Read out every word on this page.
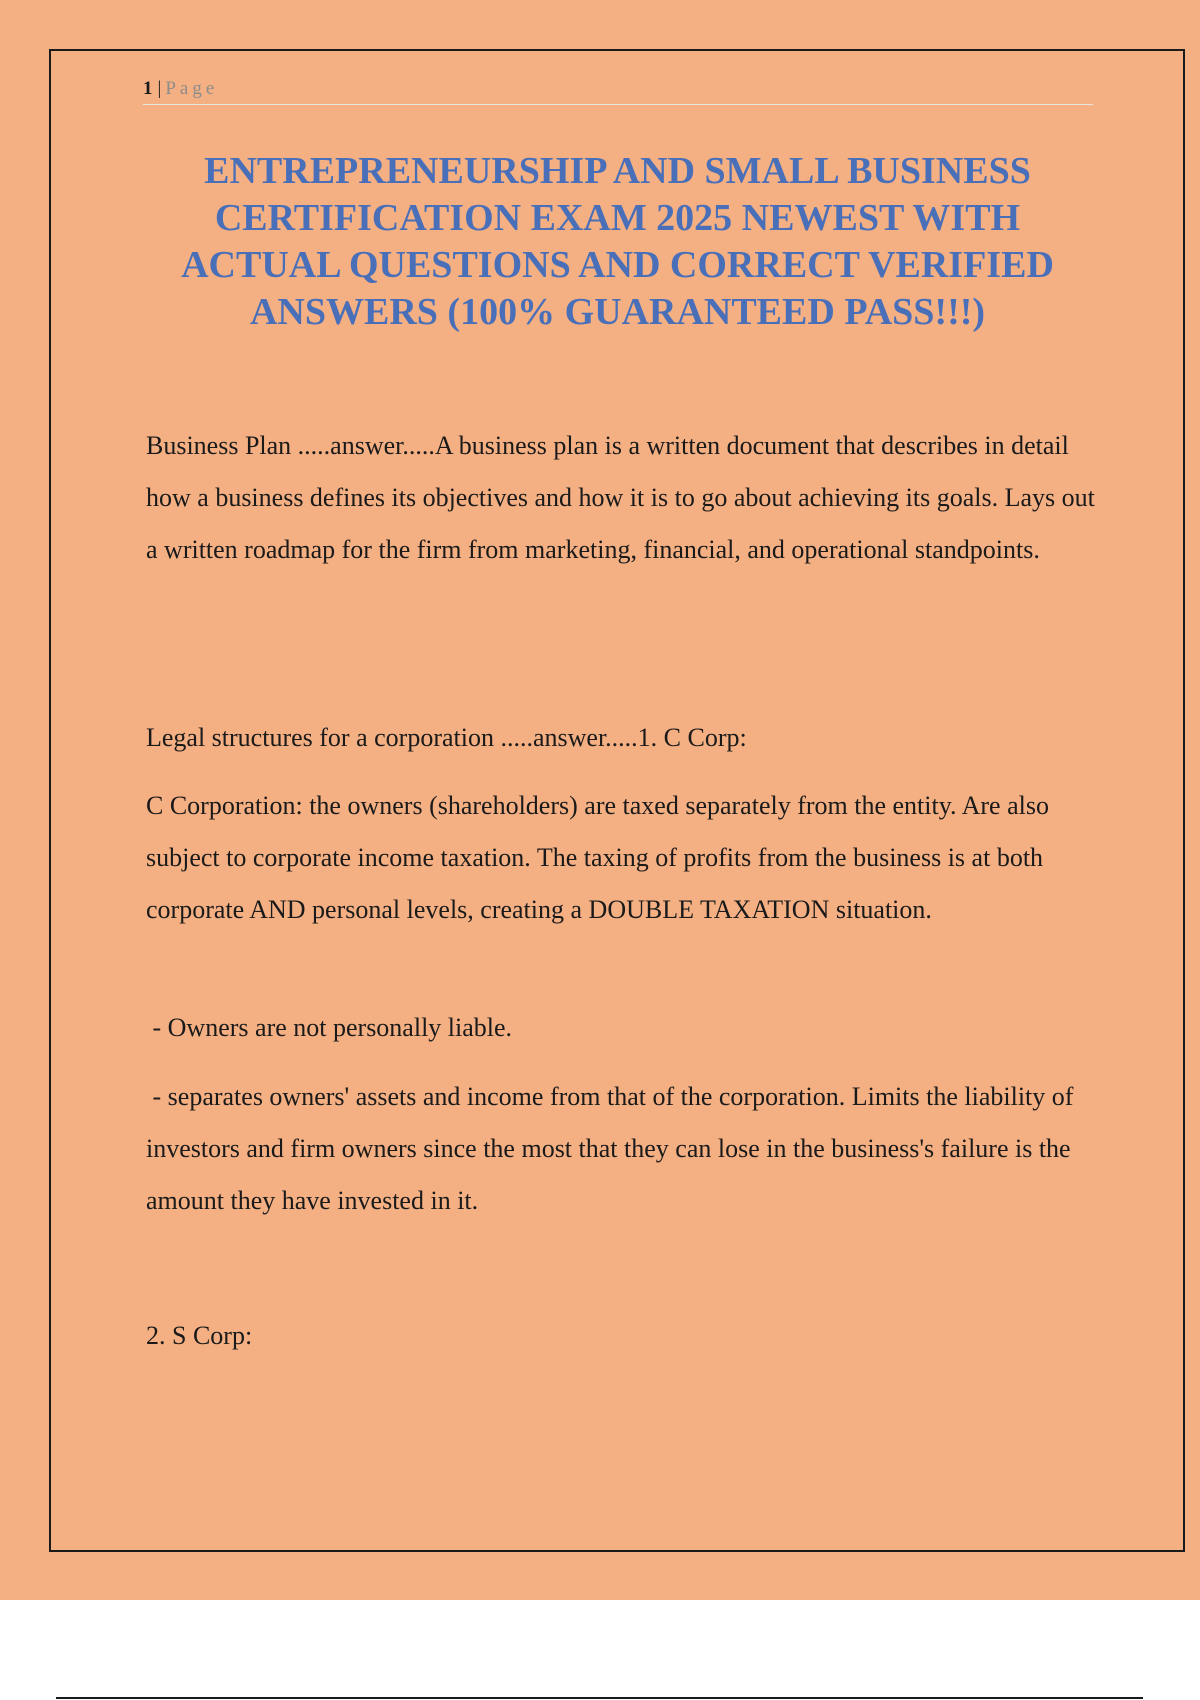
1 | Page
ENTREPRENEURSHIP AND SMALL BUSINESS CERTIFICATION EXAM 2025 NEWEST WITH ACTUAL QUESTIONS AND CORRECT VERIFIED ANSWERS (100% GUARANTEED PASS!!!)

Business Plan .....answer.....A business plan is a written document that describes in detail how a business defines its objectives and how it is to go about achieving its goals. Lays out a written roadmap for the firm from marketing, financial, and operational standpoints.

Legal structures for a corporation .....answer.....1. C Corp:

C Corporation: the owners (shareholders) are taxed separately from the entity. Are also subject to corporate income taxation. The taxing of profits from the business is at both corporate AND personal levels, creating a DOUBLE TAXATION situation.

- Owners are not personally liable.

- separates owners' assets and income from that of the corporation. Limits the liability of investors and firm owners since the most that they can lose in the business's failure is the amount they have invested in it.

2. S Corp:
